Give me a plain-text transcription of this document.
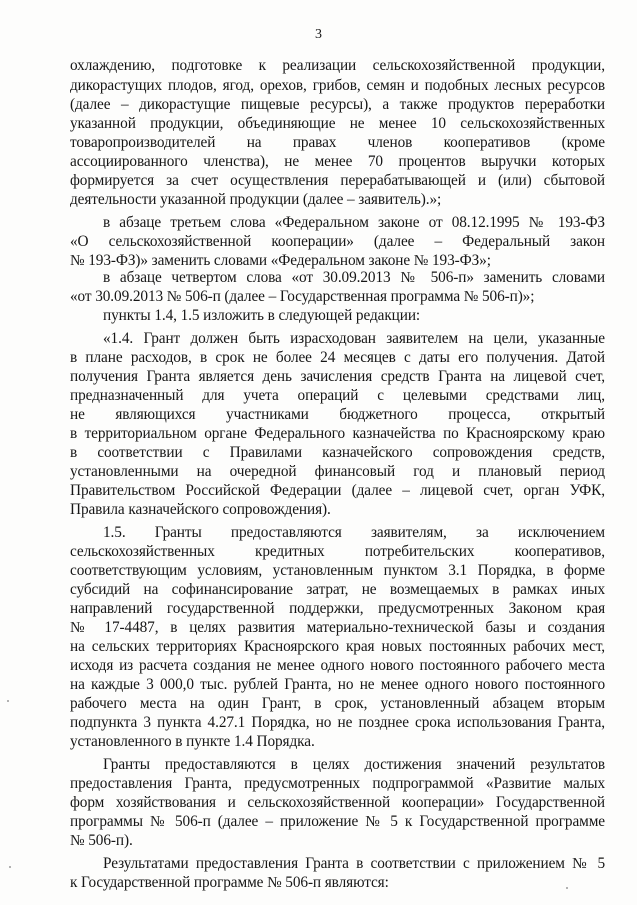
3
охлаждению, подготовке к реализации сельскохозяйственной продукции,
дикорастущих плодов, ягод, орехов, грибов, семян и подобных лесных ресурсов
(далее – дикорастущие пищевые ресурсы), а также продуктов переработки
указанной продукции, объединяющие не менее 10 сельскохозяйственных
товаропроизводителей на правах членов кооперативов (кроме
ассоциированного членства), не менее 70 процентов выручки которых
формируется за счет осуществления перерабатывающей и (или) сбытовой
деятельности указанной продукции (далее – заявитель).»;
в абзаце третьем слова «Федеральном законе от 08.12.1995 № 193-ФЗ
«О сельскохозяйственной кооперации» (далее – Федеральный закон
№ 193-ФЗ)» заменить словами «Федеральном законе № 193-ФЗ»;
в абзаце четвертом слова «от 30.09.2013 № 506-п» заменить словами
«от 30.09.2013 № 506-п (далее – Государственная программа № 506-п)»;
пункты 1.4, 1.5 изложить в следующей редакции:
«1.4. Грант должен быть израсходован заявителем на цели, указанные
в плане расходов, в срок не более 24 месяцев с даты его получения. Датой
получения Гранта является день зачисления средств Гранта на лицевой счет,
предназначенный для учета операций с целевыми средствами лиц,
не являющихся участниками бюджетного процесса, открытый
в территориальном органе Федерального казначейства по Красноярскому краю
в соответствии с Правилами казначейского сопровождения средств,
установленными на очередной финансовый год и плановый период
Правительством Российской Федерации (далее – лицевой счет, орган УФК,
Правила казначейского сопровождения).
1.5. Гранты предоставляются заявителям, за исключением
сельскохозяйственных кредитных потребительских кооперативов,
соответствующим условиям, установленным пунктом 3.1 Порядка, в форме
субсидий на софинансирование затрат, не возмещаемых в рамках иных
направлений государственной поддержки, предусмотренных Законом края
№ 17-4487, в целях развития материально-технической базы и создания
на сельских территориях Красноярского края новых постоянных рабочих мест,
исходя из расчета создания не менее одного нового постоянного рабочего места
на каждые 3 000,0 тыс. рублей Гранта, но не менее одного нового постоянного
рабочего места на один Грант, в срок, установленный абзацем вторым
подпункта 3 пункта 4.27.1 Порядка, но не позднее срока использования Гранта,
установленного в пункте 1.4 Порядка.
Гранты предоставляются в целях достижения значений результатов
предоставления Гранта, предусмотренных подпрограммой «Развитие малых
форм хозяйствования и сельскохозяйственной кооперации» Государственной
программы № 506-п (далее – приложение № 5 к Государственной программе
№ 506-п).
Результатами предоставления Гранта в соответствии с приложением № 5
к Государственной программе № 506-п являются:
